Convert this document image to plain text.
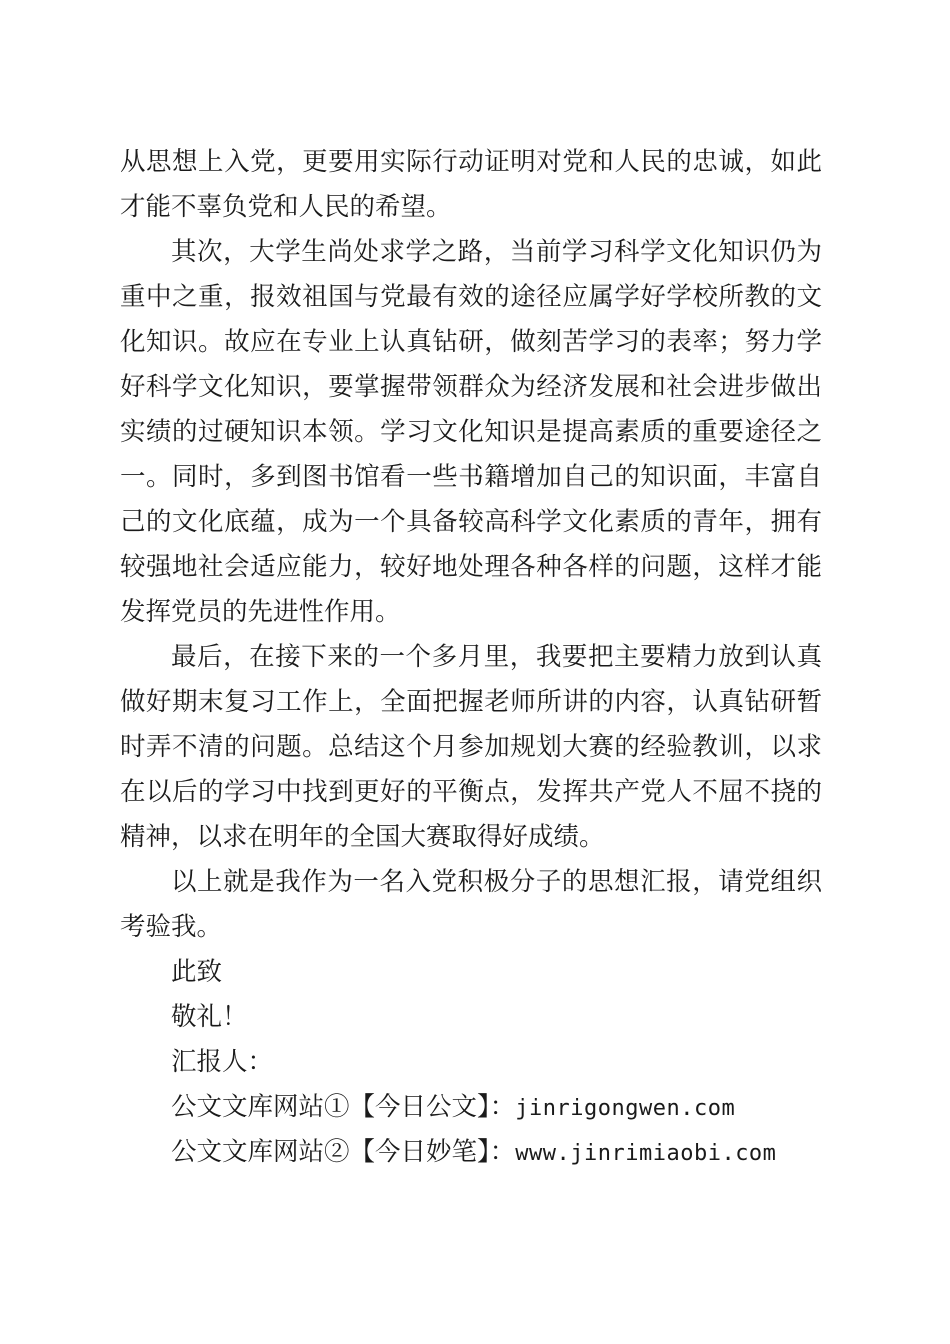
从思想上入党，更要用实际行动证明对党和人民的忠诚，如此
才能不辜负党和人民的希望。
其次，大学生尚处求学之路，当前学习科学文化知识仍为
重中之重，报效祖国与党最有效的途径应属学好学校所教的文
化知识。故应在专业上认真钻研，做刻苦学习的表率；努力学
好科学文化知识，要掌握带领群众为经济发展和社会进步做出
实绩的过硬知识本领。学习文化知识是提高素质的重要途径之
一。同时，多到图书馆看一些书籍增加自己的知识面，丰富自
己的文化底蕴，成为一个具备较高科学文化素质的青年，拥有
较强地社会适应能力，较好地处理各种各样的问题，这样才能
发挥党员的先进性作用。
最后，在接下来的一个多月里，我要把主要精力放到认真
做好期末复习工作上，全面把握老师所讲的内容，认真钻研暂
时弄不清的问题。总结这个月参加规划大赛的经验教训，以求
在以后的学习中找到更好的平衡点，发挥共产党人不屈不挠的
精神，以求在明年的全国大赛取得好成绩。
以上就是我作为一名入党积极分子的思想汇报，请党组织
考验我。
此致
敬礼！
汇报人：
公文文库网站①【今日公文】：jinrigongwen.com
公文文库网站②【今日妙笔】：www.jinrimiaobi.com
